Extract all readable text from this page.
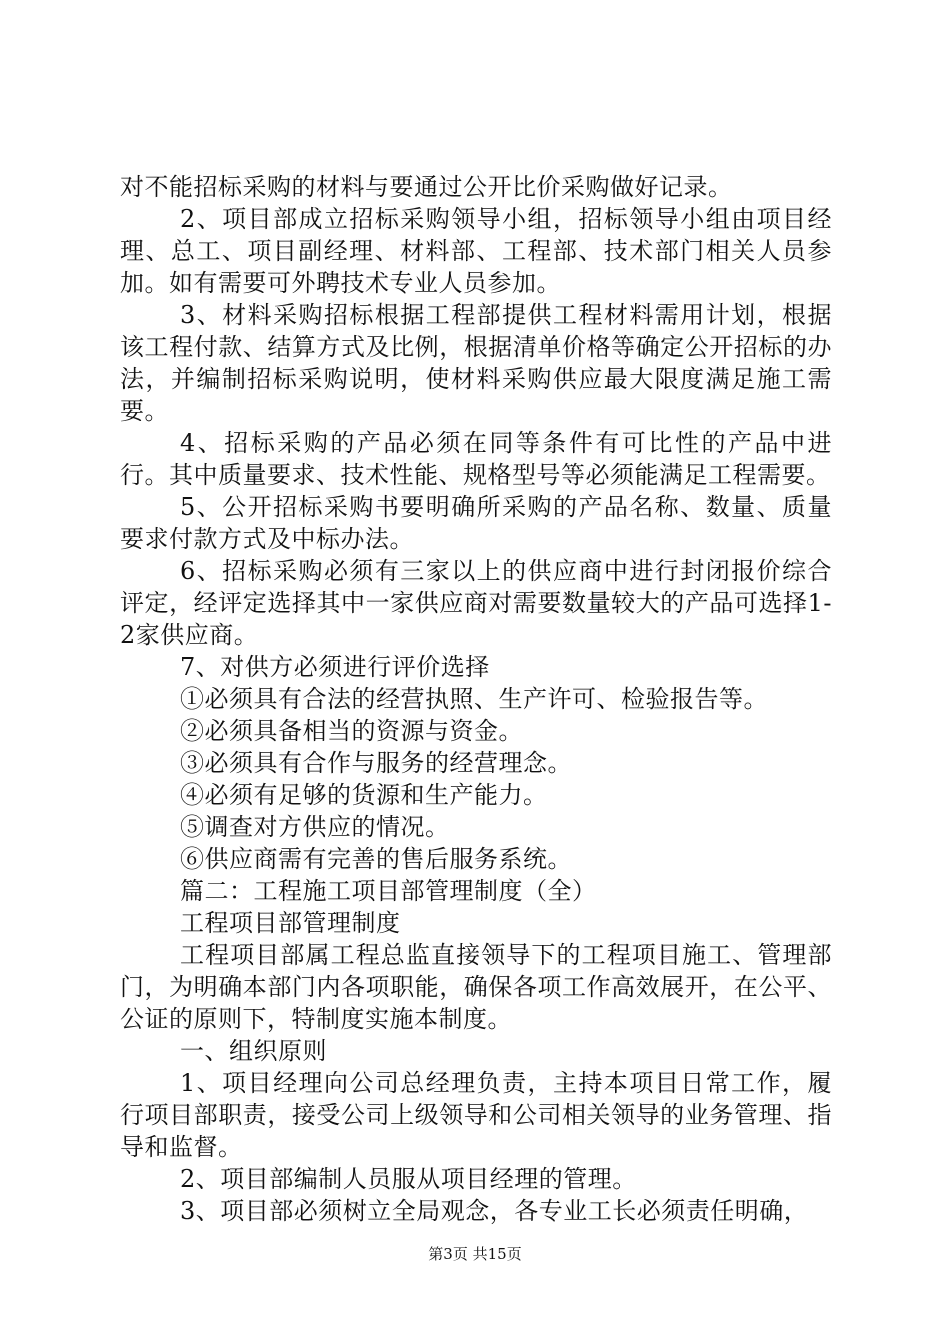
对不能招标采购的材料与要通过公开比价采购做好记录。

2、项目部成立招标采购领导小组，招标领导小组由项目经理、总工、项目副经理、材料部、工程部、技术部门相关人员参加。如有需要可外聘技术专业人员参加。

3、材料采购招标根据工程部提供工程材料需用计划，根据该工程付款、结算方式及比例，根据清单价格等确定公开招标的办法，并编制招标采购说明，使材料采购供应最大限度满足施工需要。

4、招标采购的产品必须在同等条件有可比性的产品中进行。其中质量要求、技术性能、规格型号等必须能满足工程需要。

5、公开招标采购书要明确所采购的产品名称、数量、质量要求付款方式及中标办法。

6、招标采购必须有三家以上的供应商中进行封闭报价综合评定，经评定选择其中一家供应商对需要数量较大的产品可选择1-2家供应商。

7、对供方必须进行评价选择

①必须具有合法的经营执照、生产许可、检验报告等。

②必须具备相当的资源与资金。

③必须具有合作与服务的经营理念。

④必须有足够的货源和生产能力。

⑤调查对方供应的情况。

⑥供应商需有完善的售后服务系统。

篇二：工程施工项目部管理制度（全）

工程项目部管理制度

工程项目部属工程总监直接领导下的工程项目施工、管理部门，为明确本部门内各项职能，确保各项工作高效展开，在公平、公证的原则下，特制度实施本制度。

一、组织原则

1、项目经理向公司总经理负责，主持本项目日常工作，履行项目部职责，接受公司上级领导和公司相关领导的业务管理、指导和监督。

2、项目部编制人员服从项目经理的管理。

3、项目部必须树立全局观念，各专业工长必须责任明确，

第3页 共15页
